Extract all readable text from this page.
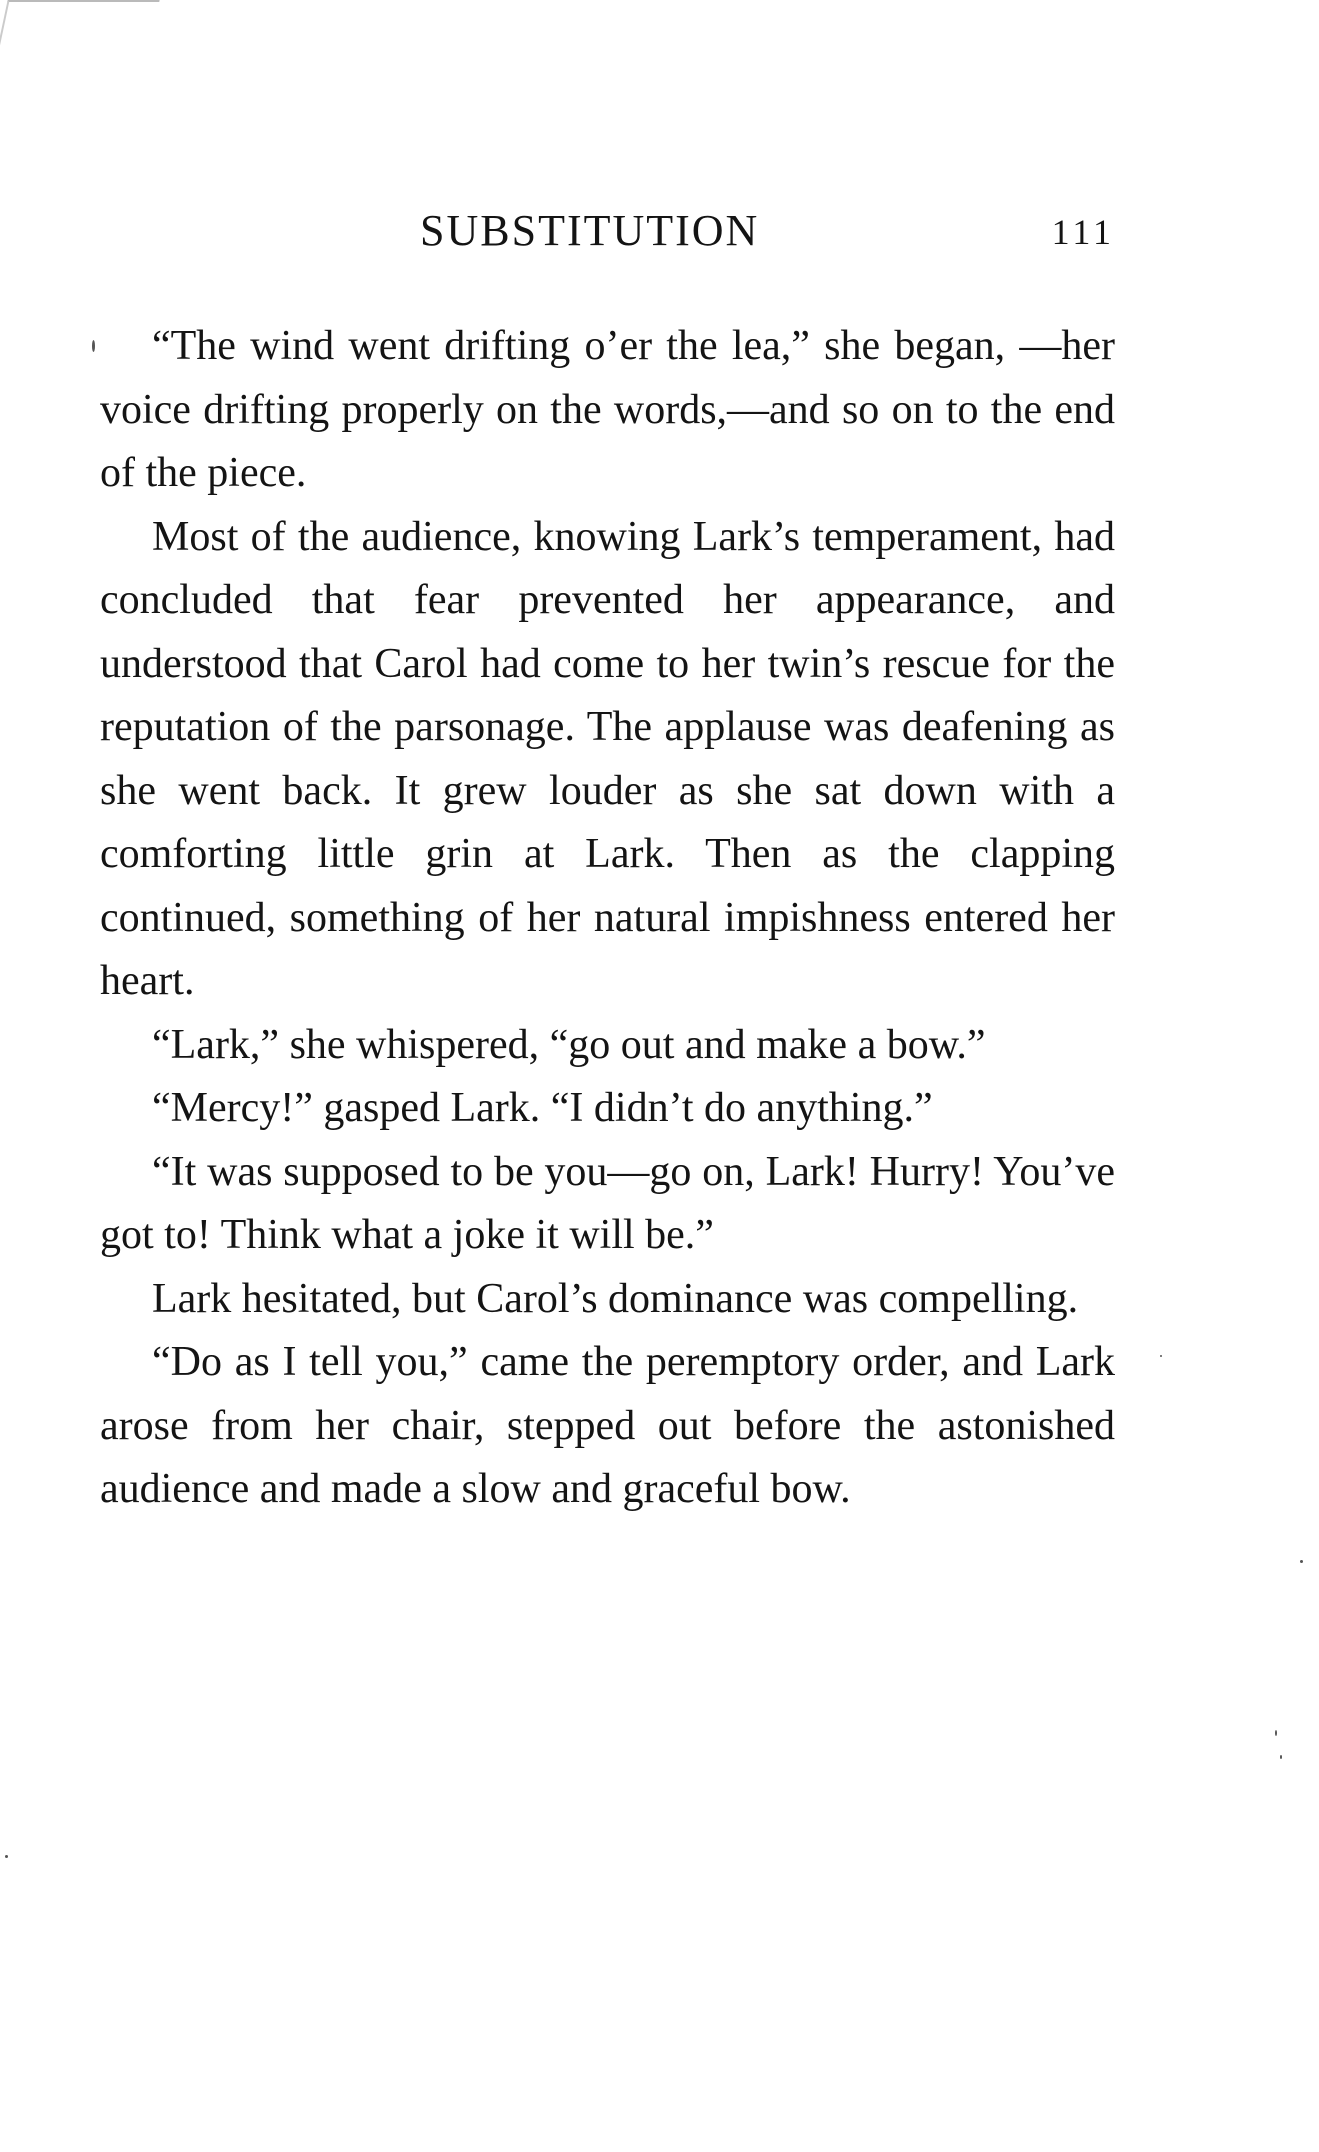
SUBSTITUTION	111

“The wind went drifting o’er the lea,” she began, —her voice drifting properly on the words,—and so on to the end of the piece.

Most of the audience, knowing Lark’s temperament, had concluded that fear prevented her appearance, and understood that Carol had come to her twin’s rescue for the reputation of the parsonage. The applause was deafening as she went back. It grew louder as she sat down with a comforting little grin at Lark. Then as the clapping continued, something of her natural impishness entered her heart.

“Lark,” she whispered, “go out and make a bow.”

“Mercy!” gasped Lark. “I didn’t do anything.”

“It was supposed to be you—go on, Lark! Hurry! You’ve got to! Think what a joke it will be.”

Lark hesitated, but Carol’s dominance was compelling.

“Do as I tell you,” came the peremptory order, and Lark arose from her chair, stepped out before the astonished audience and made a slow and graceful bow.
